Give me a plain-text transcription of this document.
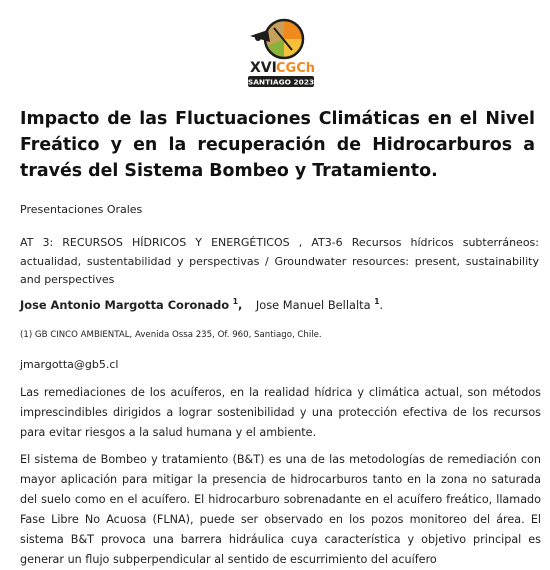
XVI CGCh
SANTIAGO 2023
Impacto de las Fluctuaciones Climáticas en el Nivel Freático y en la recuperación de Hidrocarburos a través del Sistema Bombeo y Tratamiento.

Presentaciones Orales

AT 3: RECURSOS HÍDRICOS Y ENERGÉTICOS , AT3-6 Recursos hídricos subterráneos: actualidad, sustentabilidad y perspectivas / Groundwater resources: present, sustainability and perspectives

Jose Antonio Margotta Coronado $^1$, Jose Manuel Bellalta $^1$.

(1) GB CINCO AMBIENTAL, Avenida Ossa 235, Of. 960, Santiago, Chile.

jmargotta@gb5.cl

Las remediaciones de los acuíferos, en la realidad hídrica y climática actual, son métodos imprescindibles dirigidos a lograr sostenibilidad y una protección efectiva de los recursos para evitar riesgos a la salud humana y el ambiente.

El sistema de Bombeo y tratamiento (B&T) es una de las metodologías de remediación con mayor aplicación para mitigar la presencia de hidrocarburos tanto en la zona no saturada del suelo como en el acuífero. El hidrocarburo sobrenadante en el acuífero freático, llamado Fase Libre No Acuosa (FLNA), puede ser observado en los pozos monitoreo del área. El sistema B&T provoca una barrera hidráulica cuya característica y objetivo principal es generar un flujo subperpendicular al sentido de escurrimiento del acuífero
